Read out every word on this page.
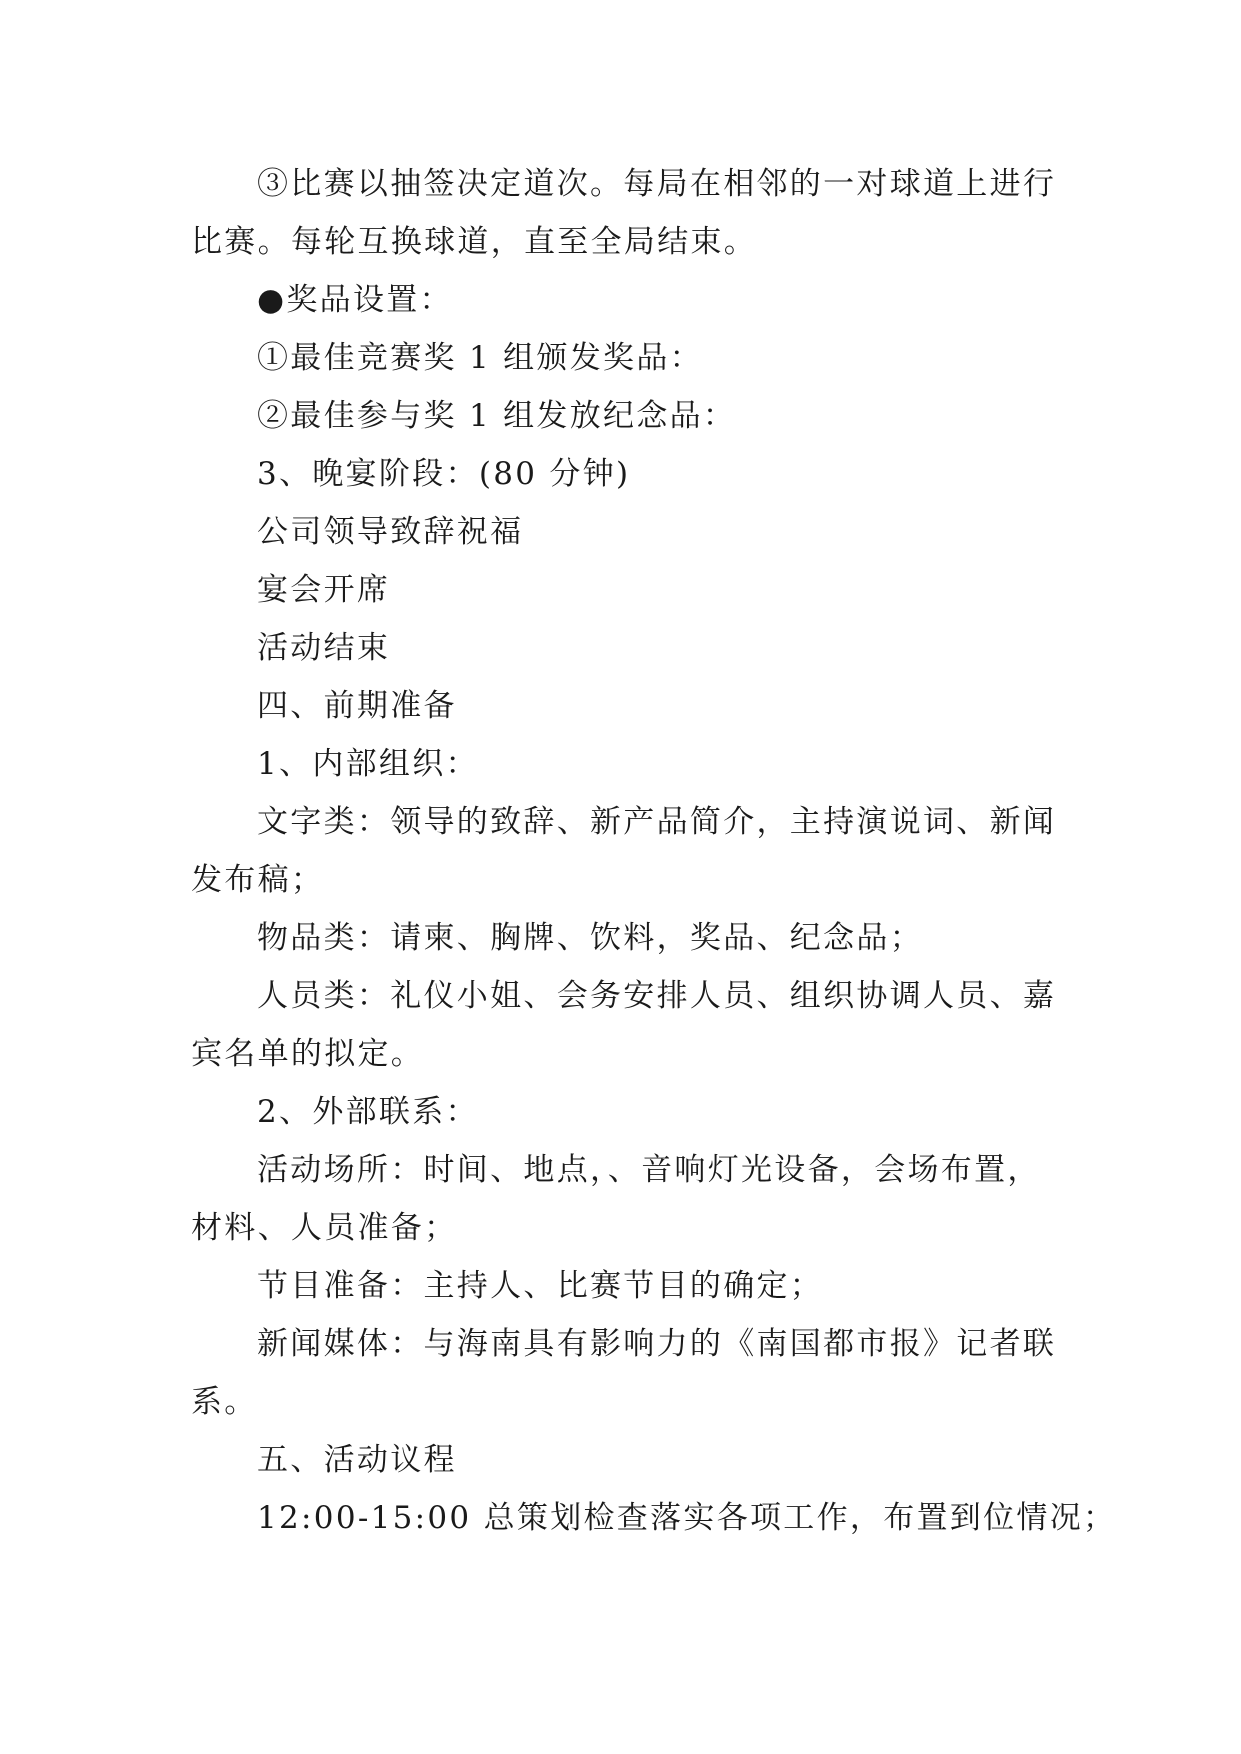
③比赛以抽签决定道次。每局在相邻的一对球道上进行
比赛。每轮互换球道，直至全局结束。
●奖品设置：
①最佳竞赛奖 1 组颁发奖品：
②最佳参与奖 1 组发放纪念品：
3、晚宴阶段：(80 分钟)
公司领导致辞祝福
宴会开席
活动结束
四、前期准备
1、内部组织：
文字类：领导的致辞、新产品简介，主持演说词、新闻
发布稿；
物品类：请柬、胸牌、饮料，奖品、纪念品；
人员类：礼仪小姐、会务安排人员、组织协调人员、嘉
宾名单的拟定。
2、外部联系：
活动场所：时间、地点，、音响灯光设备，会场布置，
材料、人员准备；
节目准备：主持人、比赛节目的确定；
新闻媒体：与海南具有影响力的《南国都市报》记者联
系。
五、活动议程
12:00-15:00 总策划检查落实各项工作，布置到位情况；
